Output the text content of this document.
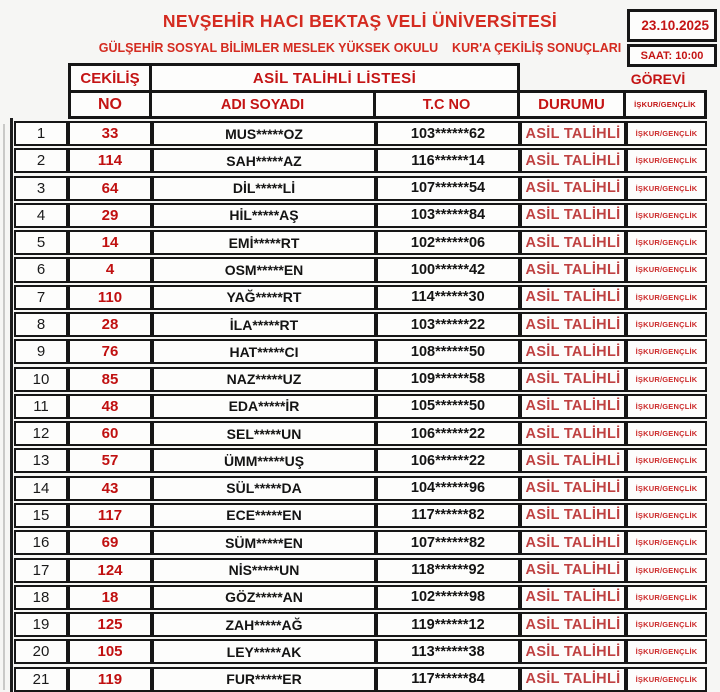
NEVŞEHİR HACI BEKTAŞ VELİ ÜNİVERSİTESİ
GÜLŞEHİR SOSYAL BİLİMLER MESLEK YÜKSEK OKULU    KUR'A ÇEKİLİŞ SONUÇLARI
23.10.2025
SAAT: 10:00
CEKİLİŞ	ASİL TALİHLİ LİSTESİ	GÖREVİ
NO	ADI SOYADI	T.C NO	DURUMU	İŞKUR/GENÇLİK
1	33	MUS*****OZ	103******62	ASİL TALİHLİ	İŞKUR/GENÇLİK
2	114	SAH*****AZ	116******14	ASİL TALİHLİ	İŞKUR/GENÇLİK
3	64	DİL*****Lİ	107******54	ASİL TALİHLİ	İŞKUR/GENÇLİK
4	29	HİL*****AŞ	103******84	ASİL TALİHLİ	İŞKUR/GENÇLİK
5	14	EMİ*****RT	102******06	ASİL TALİHLİ	İŞKUR/GENÇLİK
6	4	OSM*****EN	100******42	ASİL TALİHLİ	İŞKUR/GENÇLİK
7	110	YAĞ*****RT	114******30	ASİL TALİHLİ	İŞKUR/GENÇLİK
8	28	İLA*****RT	103******22	ASİL TALİHLİ	İŞKUR/GENÇLİK
9	76	HAT*****CI	108******50	ASİL TALİHLİ	İŞKUR/GENÇLİK
10	85	NAZ*****UZ	109******58	ASİL TALİHLİ	İŞKUR/GENÇLİK
11	48	EDA*****İR	105******50	ASİL TALİHLİ	İŞKUR/GENÇLİK
12	60	SEL*****UN	106******22	ASİL TALİHLİ	İŞKUR/GENÇLİK
13	57	ÜMM*****UŞ	106******22	ASİL TALİHLİ	İŞKUR/GENÇLİK
14	43	SÜL*****DA	104******96	ASİL TALİHLİ	İŞKUR/GENÇLİK
15	117	ECE*****EN	117******82	ASİL TALİHLİ	İŞKUR/GENÇLİK
16	69	SÜM*****EN	107******82	ASİL TALİHLİ	İŞKUR/GENÇLİK
17	124	NİS*****UN	118******92	ASİL TALİHLİ	İŞKUR/GENÇLİK
18	18	GÖZ*****AN	102******98	ASİL TALİHLİ	İŞKUR/GENÇLİK
19	125	ZAH*****AĞ	119******12	ASİL TALİHLİ	İŞKUR/GENÇLİK
20	105	LEY*****AK	113******38	ASİL TALİHLİ	İŞKUR/GENÇLİK
21	119	FUR*****ER	117******84	ASİL TALİHLİ	İŞKUR/GENÇLİK
